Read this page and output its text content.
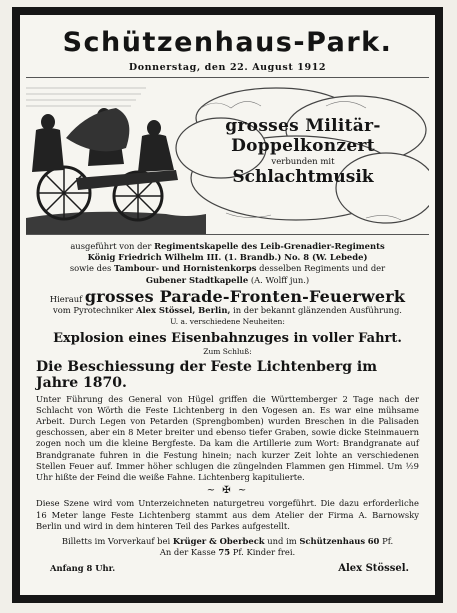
Schützenhaus-Park.
Donnerstag, den 22. August 1912
grosses Militär-
Doppelkonzert
verbunden mit
Schlachtmusik
ausgeführt von der Regimentskapelle des Leib-Grenadier-Regiments
König Friedrich Wilhelm III. (1. Brandb.) No. 8 (W. Lebede)
sowie des Tambour- und Hornistenkorps desselben Regiments und der
Gubener Stadtkapelle (A. Wolff jun.)
Hierauf grosses Parade-Fronten-Feuerwerk
vom Pyrotechniker Alex Stössel, Berlin, in der bekannt glänzenden Ausführung.
U. a. verschiedene Neuheiten:
Explosion eines Eisenbahnzuges in voller Fahrt.
Zum Schluß:
Die Beschiessung der Feste Lichtenberg im Jahre 1870.
Unter Führung des General von Hügel griffen die Württemberger 2 Tage nach der Schlacht von Wörth die Feste Lichtenberg in den Vogesen an. Es war eine mühsame Arbeit. Durch Legen von Petarden (Sprengbomben) wurden Breschen in die Palisaden geschossen, aber ein 8 Meter breiter und ebenso tiefer Graben, sowie dicke Steinmauern zogen noch um die kleine Bergfeste. Da kam die Artillerie zum Wort: Brandgranate auf Brandgranate fuhren in die Festung hinein; nach kurzer Zeit lohte an verschiedenen Stellen Feuer auf. Immer höher schlugen die züngelnden Flammen gen Himmel. Um ½9 Uhr hißte der Feind die weiße Fahne. Lichtenberg kapitulierte.
~ ✠ ~
Diese Szene wird vom Unterzeichneten naturgetreu vorgeführt. Die dazu erforderliche 16 Meter lange Feste Lichtenberg stammt aus dem Atelier der Firma A. Barnowsky Berlin und wird in dem hinteren Teil des Parkes aufgestellt.
Billetts im Vorverkauf bei Krüger & Oberbeck und im Schützenhaus 60 Pf.
An der Kasse 75 Pf. Kinder frei.
Anfang 8 Uhr.	Alex Stössel.
